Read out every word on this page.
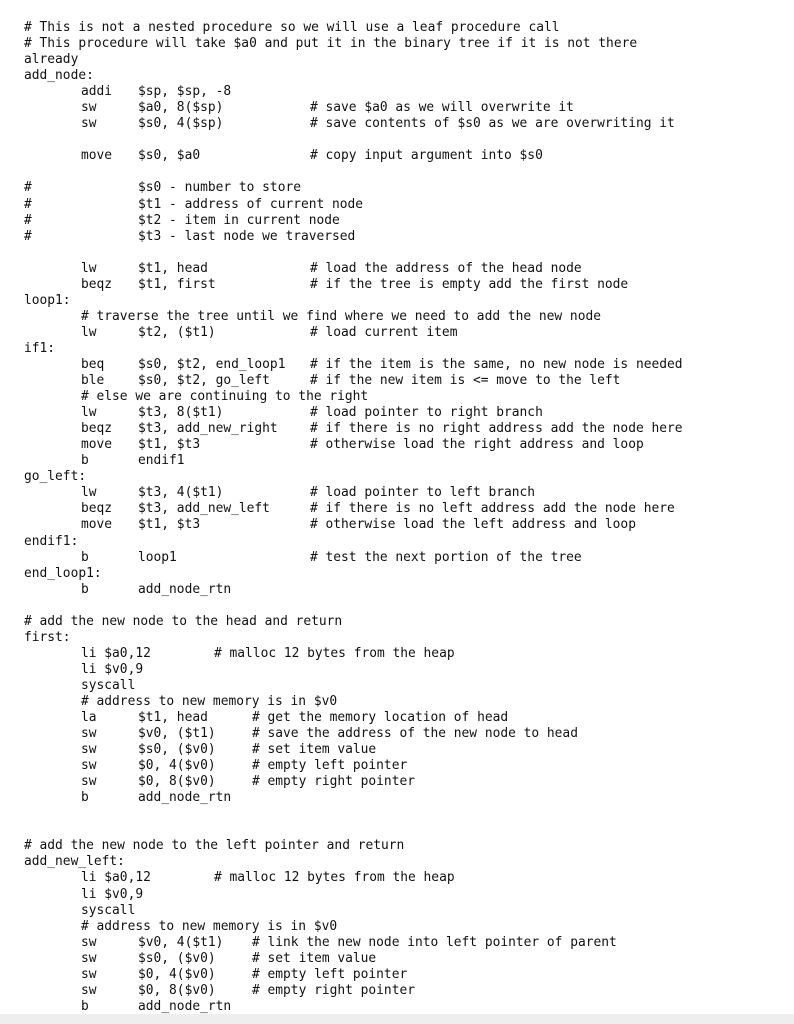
# This is not a nested procedure so we will use a leaf procedure call
# This procedure will take $a0 and put it in the binary tree if it is not there
already
add_node:
addi $sp, $sp, -8
sw	$a0, 8($sp)	# save $a0 as we will overwrite it
sw	$s0, 4($sp)	# save contents of $s0 as we are overwriting it
move $s0, $a0	# copy input argument into $s0
#	$s0 - number to store
#	$t1 - address of current node
#	$t2 - item in current node
#	$t3 - last node we traversed
lw	$t1, head	# load the address of the head node
beqz $t1, first	# if the tree is empty add the first node
loop1:
# traverse the tree until we find where we need to add the new node
lw	$t2, ($t1)	# load current item
if1:
beq	$s0, $t2, end_loop1 # if the item is the same, no new node is needed
ble	$s0, $t2, go_left	# if the new item is <= move to the left
# else we are continuing to the right
lw	$t3, 8($t1)	# load pointer to right branch
beqz $t3, add_new_right	# if there is no right address add the node here
move $t1, $t3	# otherwise load the right address and loop
b	endif1
go_left:
lw	$t3, 4($t1)	# load pointer to left branch
beqz $t3, add_new_left	# if there is no left address add the node here
move $t1, $t3	# otherwise load the left address and loop
endif1:
b	loop1	# test the next portion of the tree
end_loop1:
b	add_node_rtn
# add the new node to the head and return
first:
li $a0,12	# malloc 12 bytes from the heap
li $v0,9
syscall
# address to new memory is in $v0
la	$t1, head	# get the memory location of head
sw	$v0, ($t1)	# save the address of the new node to head
sw	$s0, ($v0)	# set item value
sw	$0, 4($v0)	# empty left pointer
sw	$0, 8($v0)	# empty right pointer
b	add_node_rtn
# add the new node to the left pointer and return
add_new_left:
li $a0,12	# malloc 12 bytes from the heap
li $v0,9
syscall
# address to new memory is in $v0
sw	$v0, 4($t1) # link the new node into left pointer of parent
sw	$s0, ($v0)	# set item value
sw	$0, 4($v0)	# empty left pointer
sw	$0, 8($v0)	# empty right pointer
b	add_node_rtn
